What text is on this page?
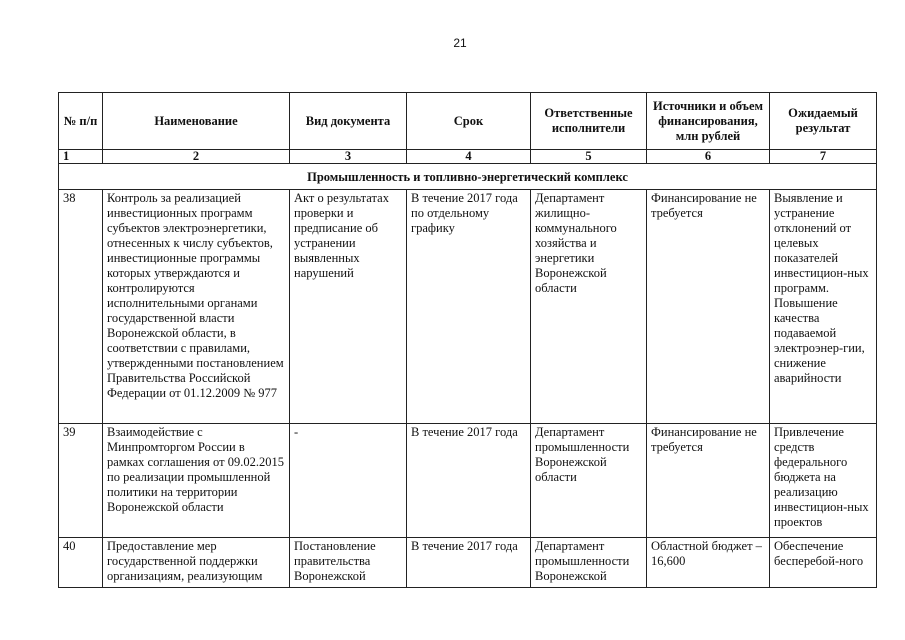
21
№ п/п	Наименование	Вид документа	Срок	Ответственные исполнители	Источники и объем финансирования, млн рублей	Ожидаемый результат
1	2	3	4	5	6	7
Промышленность и топливно-энергетический комплекс						
38	Контроль за реализацией инвестиционных программ субъектов электроэнергетики, отнесенных к числу субъектов, инвестиционные программы которых утверждаются и контролируются исполнительными органами государственной власти Воронежской области, в соответствии с правилами, утвержденными постановлением Правительства Российской Федерации от 01.12.2009 № 977	Акт о результатах проверки и предписание об устранении выявленных нарушений	В течение 2017 года по отдельному графику	Департамент жилищно-коммунального хозяйства и энергетики Воронежской области	Финансирование не требуется	Выявление и устранение отклонений от целевых показателей инвестицион-ных программ. Повышение качества подаваемой электроэнер-гии, снижение аварийности
39	Взаимодействие с Минпромторгом России в рамках соглашения от 09.02.2015 по реализации промышленной политики на территории Воронежской области	-	В течение 2017 года	Департамент промышленности Воронежской области	Финансирование не требуется	Привлечение средств федерального бюджета на реализацию инвестицион-ных проектов
40	Предоставление мер государственной поддержки организациям, реализующим	Постановление правительства Воронежской	В течение 2017 года	Департамент промышленности Воронежской	Областной бюджет – 16,600	Обеспечение бесперебой-ного
